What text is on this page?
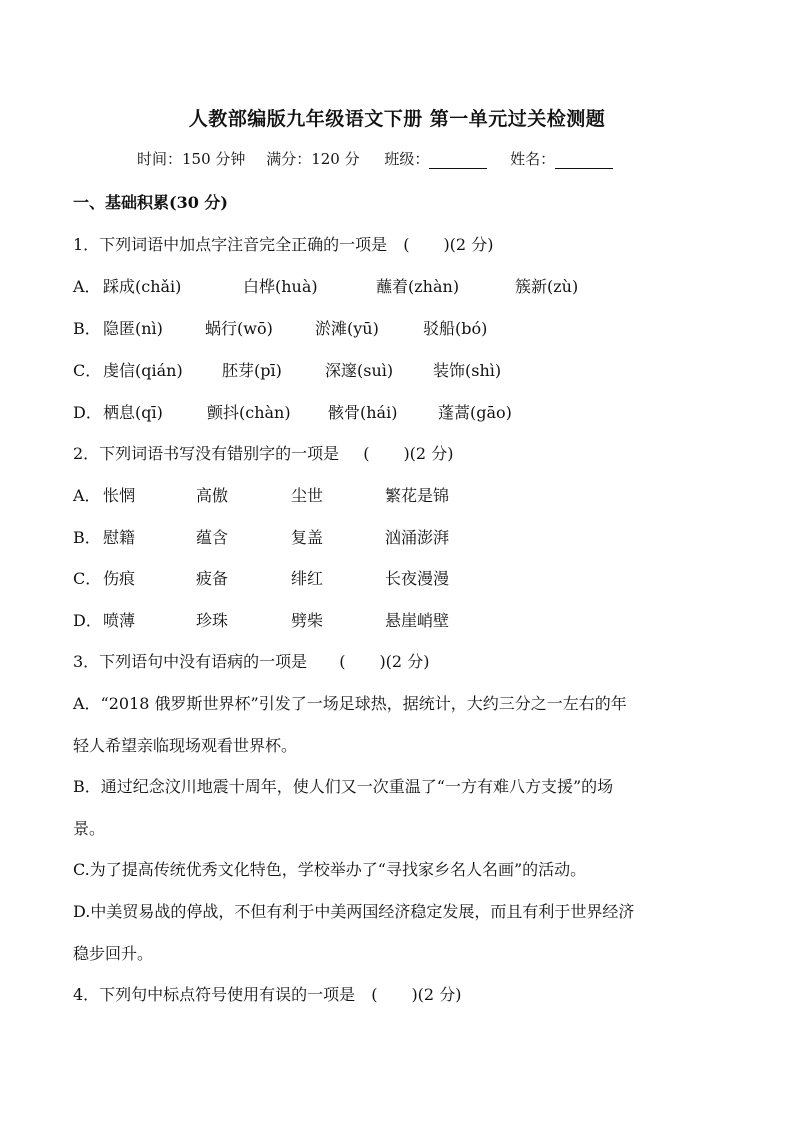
人教部编版九年级语文下册 第一单元过关检测题
时间：150 分钟 满分：120 分 班级：	姓名：
一、基础积累(30 分)
1．下列词语中加点字注音完全正确的一项是 ( )(2 分)
A． 踩成(chǎi)	白桦(huà)	蘸着(zhàn)	簇新(zù)
B． 隐匿(nì)	蜗行(wō)	淤滩(yū)	驳船(bó)
C． 虔信(qián) 胚芽(pī)	深邃(suì) 装饰(shì)
D． 栖息(qī)	颤抖(chàn) 骸骨(hái)	蓬蒿(gāo)
2．下列词语书写没有错别字的一项是 ( )(2 分)
A． 怅惘	高傲	尘世	繁花是锦
B． 慰籍	蕴含	复盖	汹涌澎湃
C． 伤痕	疲备	绯红	长夜漫漫
D． 喷薄	珍珠	劈柴	悬崖峭壁
3．下列语句中没有语病的一项是 ( )(2 分)
A．“2018 俄罗斯世界杯”引发了一场足球热，据统计，大约三分之一左右的年
轻人希望亲临现场观看世界杯。
B．通过纪念汶川地震十周年，使人们又一次重温了“一方有难八方支援”的场
景。
C.为了提高传统优秀文化特色，学校举办了“寻找家乡名人名画”的活动。
D.中美贸易战的停战，不但有利于中美两国经济稳定发展，而且有利于世界经济
稳步回升。
4．下列句中标点符号使用有误的一项是 ( )(2 分)
